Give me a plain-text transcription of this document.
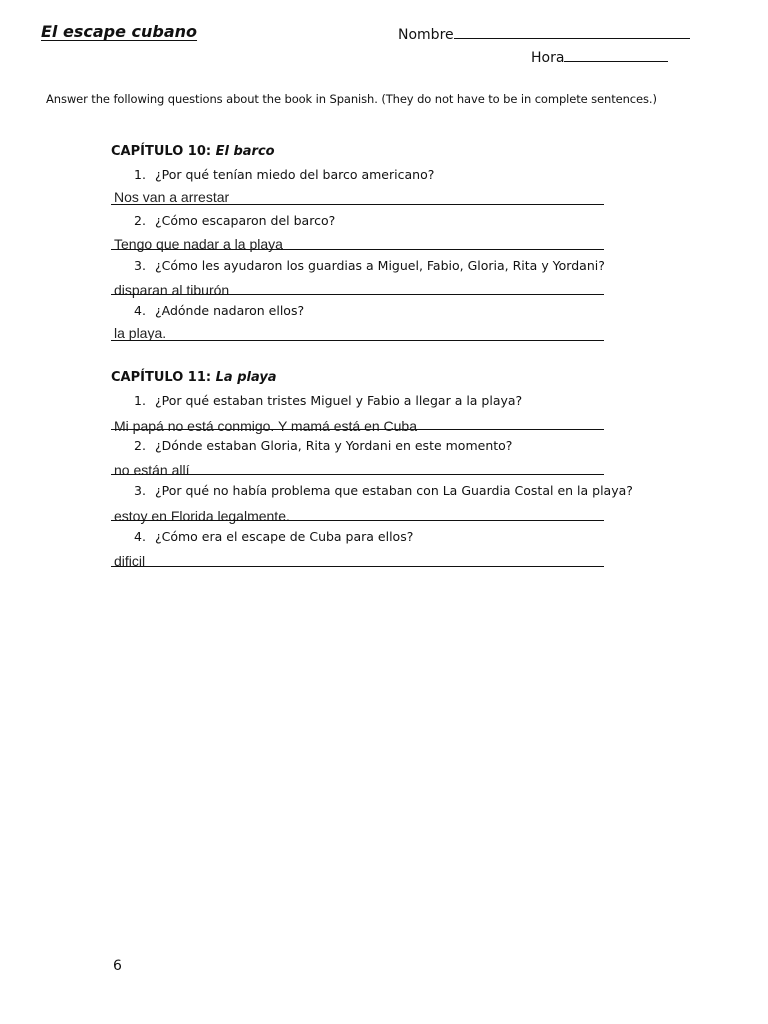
El escape cubano	Nombre
Hora
Answer the following questions about the book in Spanish. (They do not have to be in complete sentences.)
CAPÍTULO 10: El barco
1. ¿Por qué tenían miedo del barco americano?
Nos van a arrestar
2. ¿Cómo escaparon del barco?
Tengo que nadar a la playa
3. ¿Cómo les ayudaron los guardias a Miguel, Fabio, Gloria, Rita y Yordani?
disparan al tiburón
4. ¿Adónde nadaron ellos?
la playa.
CAPÍTULO 11: La playa
1. ¿Por qué estaban tristes Miguel y Fabio a llegar a la playa?
Mi papá no está conmigo. Y mamá está en Cuba
2. ¿Dónde estaban Gloria, Rita y Yordani en este momento?
no están allí
3. ¿Por qué no había problema que estaban con La Guardia Costal en la playa?
estoy en Florida legalmente.
4. ¿Cómo era el escape de Cuba para ellos?
dificil
6
